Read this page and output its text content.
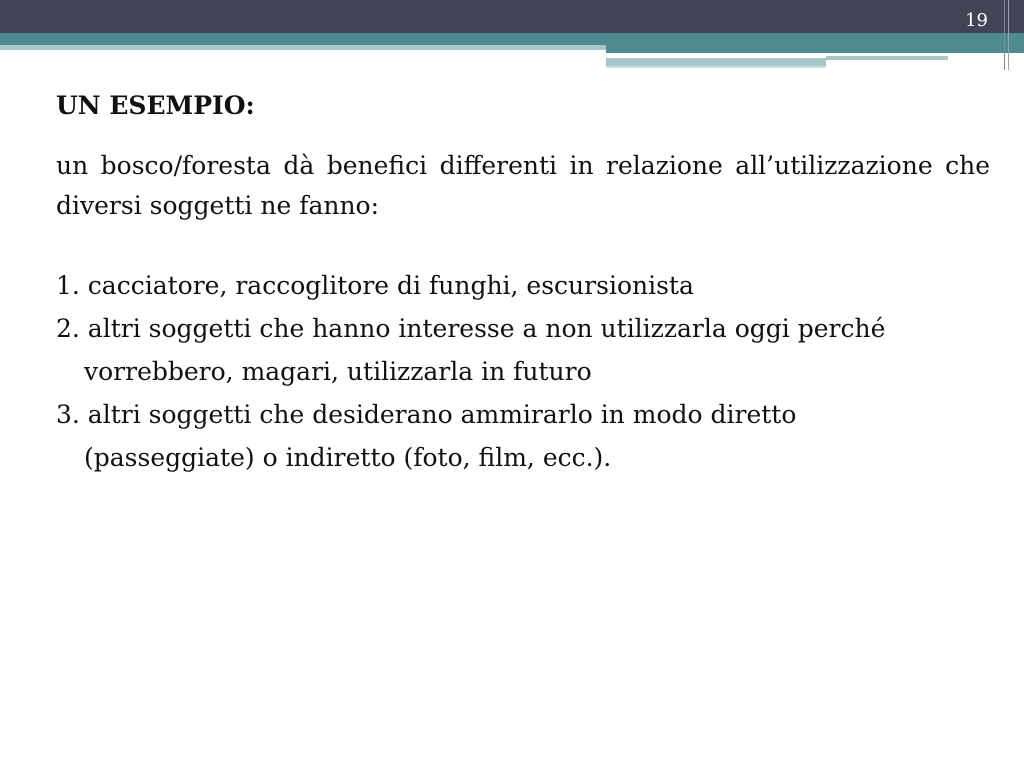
19
UN ESEMPIO:
un bosco/foresta dà benefici differenti in relazione all’utilizzazione che diversi soggetti ne fanno:
1. cacciatore, raccoglitore di funghi, escursionista
2. altri soggetti che hanno interesse a non utilizzarla oggi perché vorrebbero, magari, utilizzarla in futuro
3. altri soggetti che desiderano ammirarlo in modo diretto (passeggiate) o indiretto (foto, film, ecc.).
